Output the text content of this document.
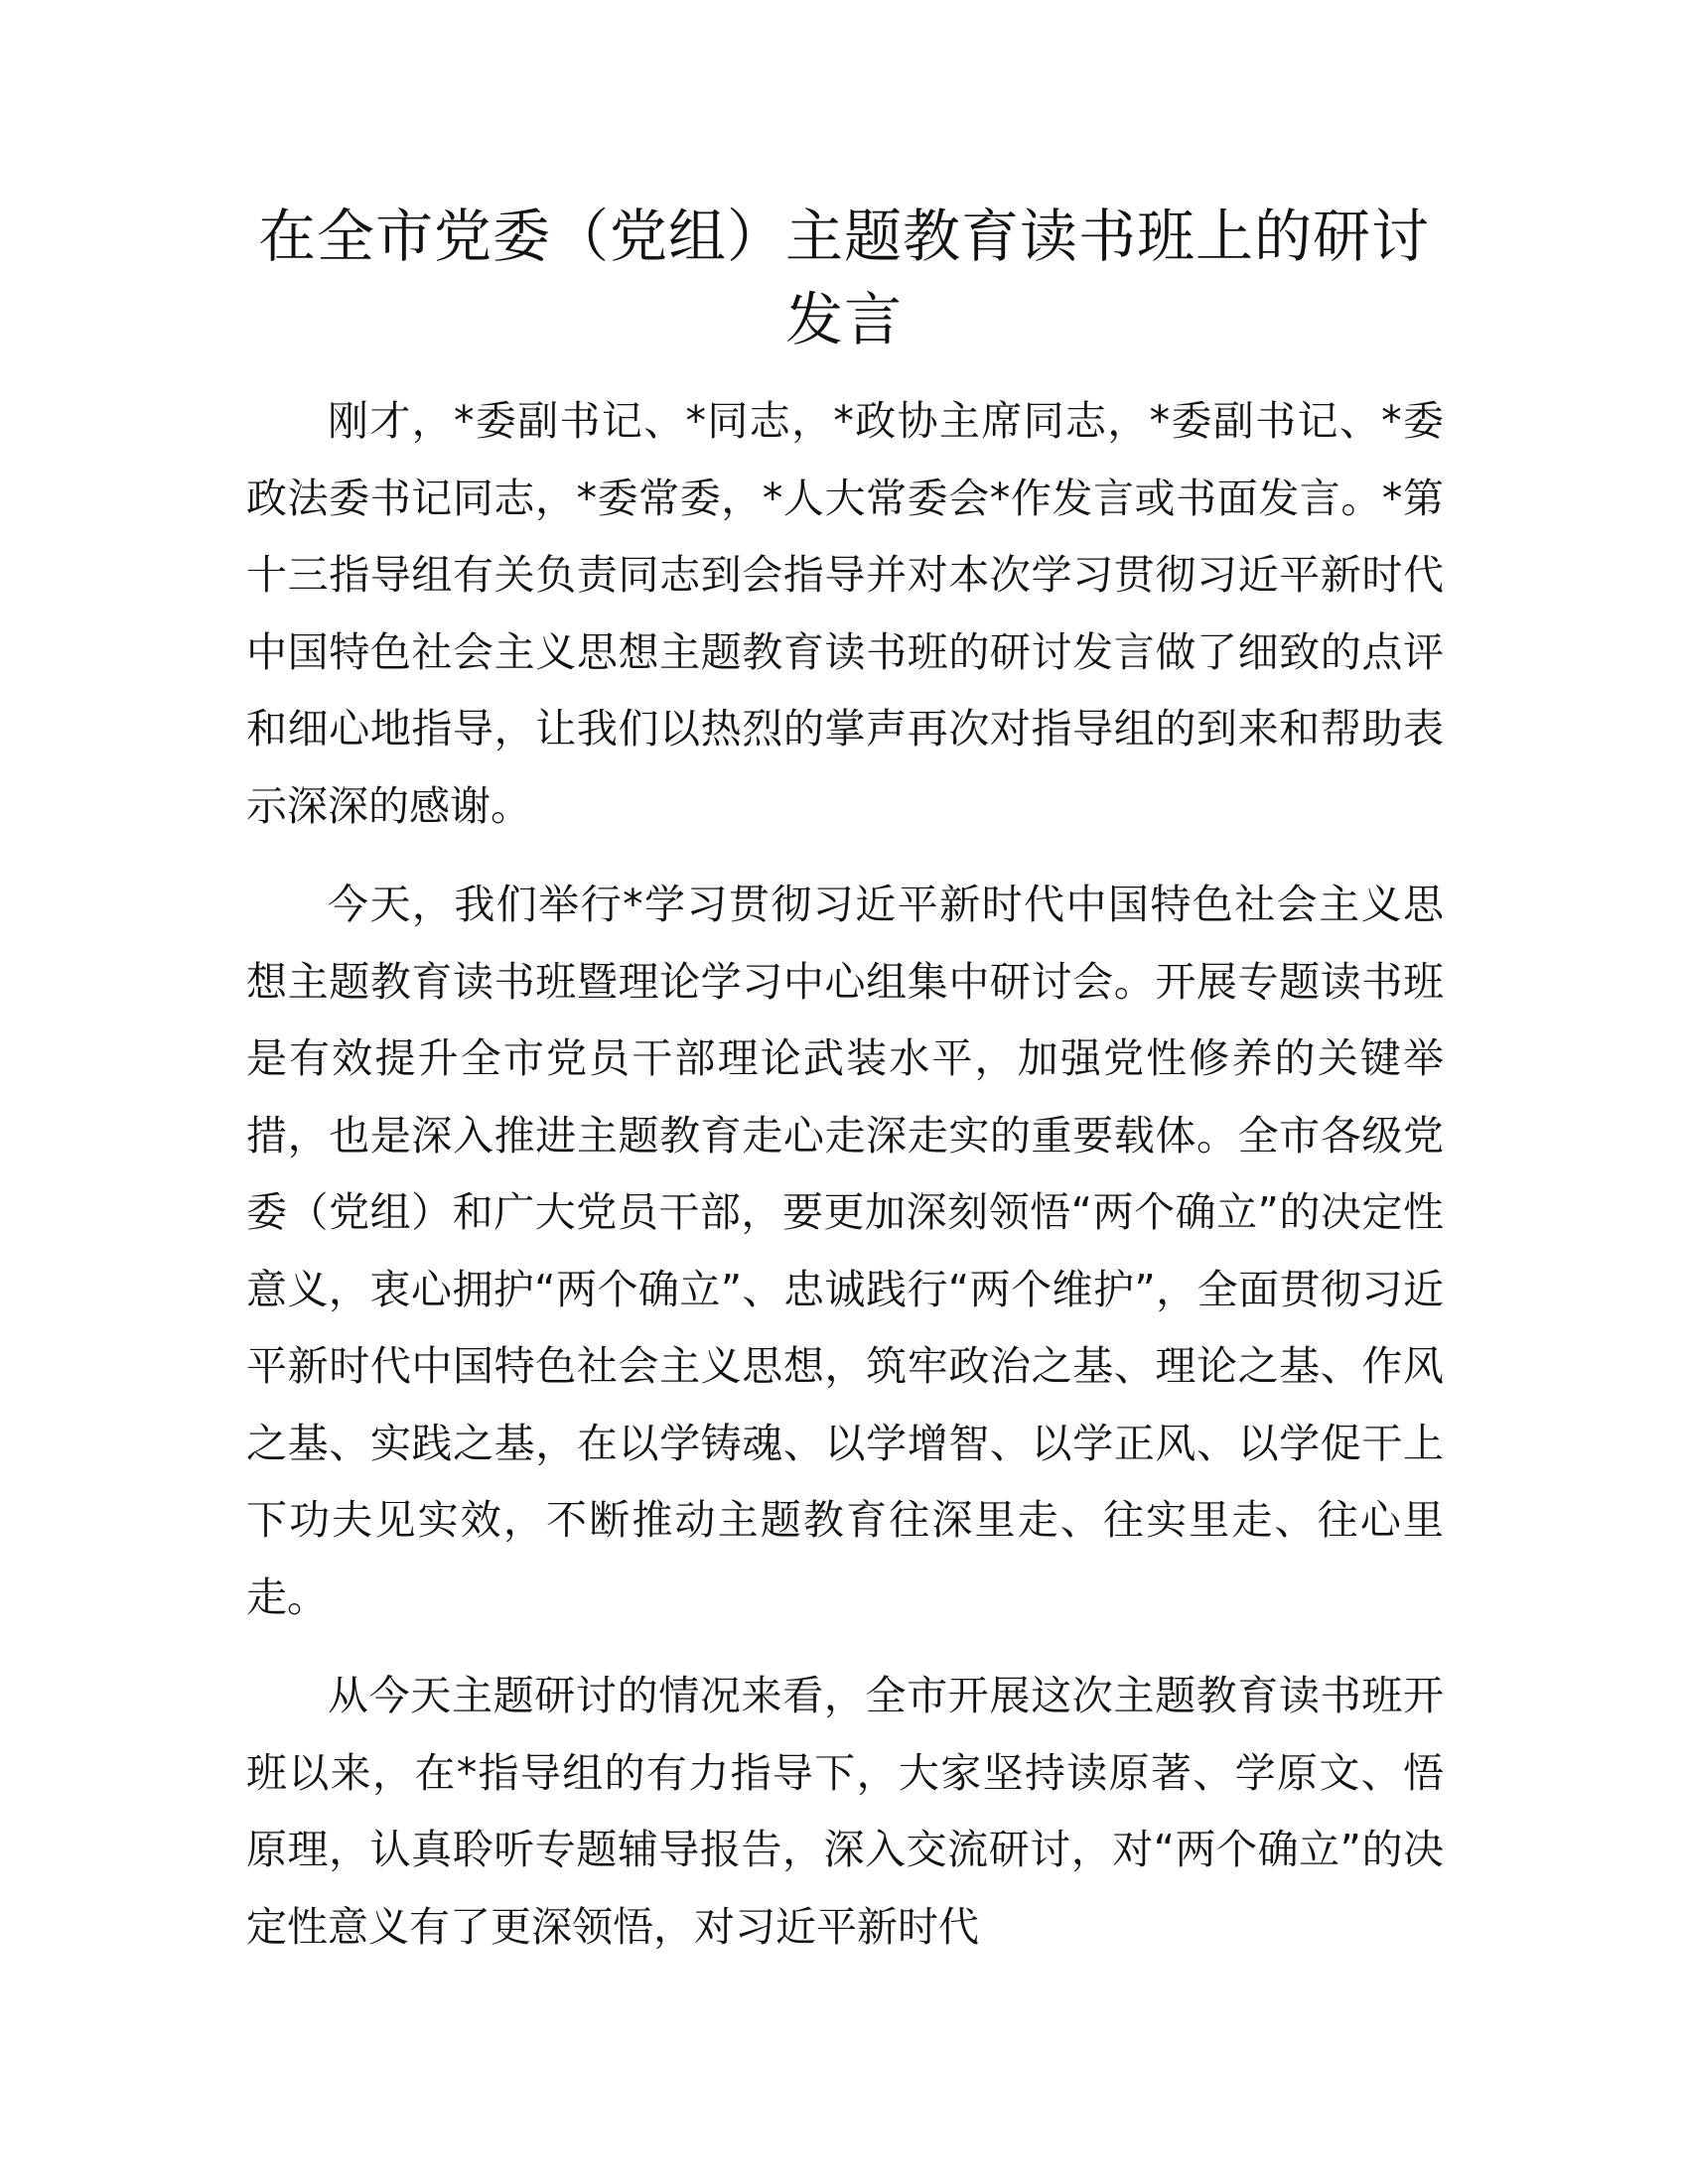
在全市党委（党组）主题教育读书班上的研讨发言

刚才，*委副书记、*同志，*政协主席同志，*委副书记、*委政法委书记同志，*委常委，*人大常委会*作发言或书面发言。*第十三指导组有关负责同志到会指导并对本次学习贯彻习近平新时代中国特色社会主义思想主题教育读书班的研讨发言做了细致的点评和细心地指导，让我们以热烈的掌声再次对指导组的到来和帮助表示深深的感谢。

今天，我们举行*学习贯彻习近平新时代中国特色社会主义思想主题教育读书班暨理论学习中心组集中研讨会。开展专题读书班是有效提升全市党员干部理论武装水平，加强党性修养的关键举措，也是深入推进主题教育走心走深走实的重要载体。全市各级党委（党组）和广大党员干部，要更加深刻领悟“两个确立”的决定性意义，衷心拥护“两个确立”、忠诚践行“两个维护”，全面贯彻习近平新时代中国特色社会主义思想，筑牢政治之基、理论之基、作风之基、实践之基，在以学铸魂、以学增智、以学正风、以学促干上下功夫见实效，不断推动主题教育往深里走、往实里走、往心里走。

从今天主题研讨的情况来看，全市开展这次主题教育读书班开班以来，在*指导组的有力指导下，大家坚持读原著、学原文、悟原理，认真聆听专题辅导报告，深入交流研讨，对“两个确立”的决定性意义有了更深领悟，对习近平新时代
